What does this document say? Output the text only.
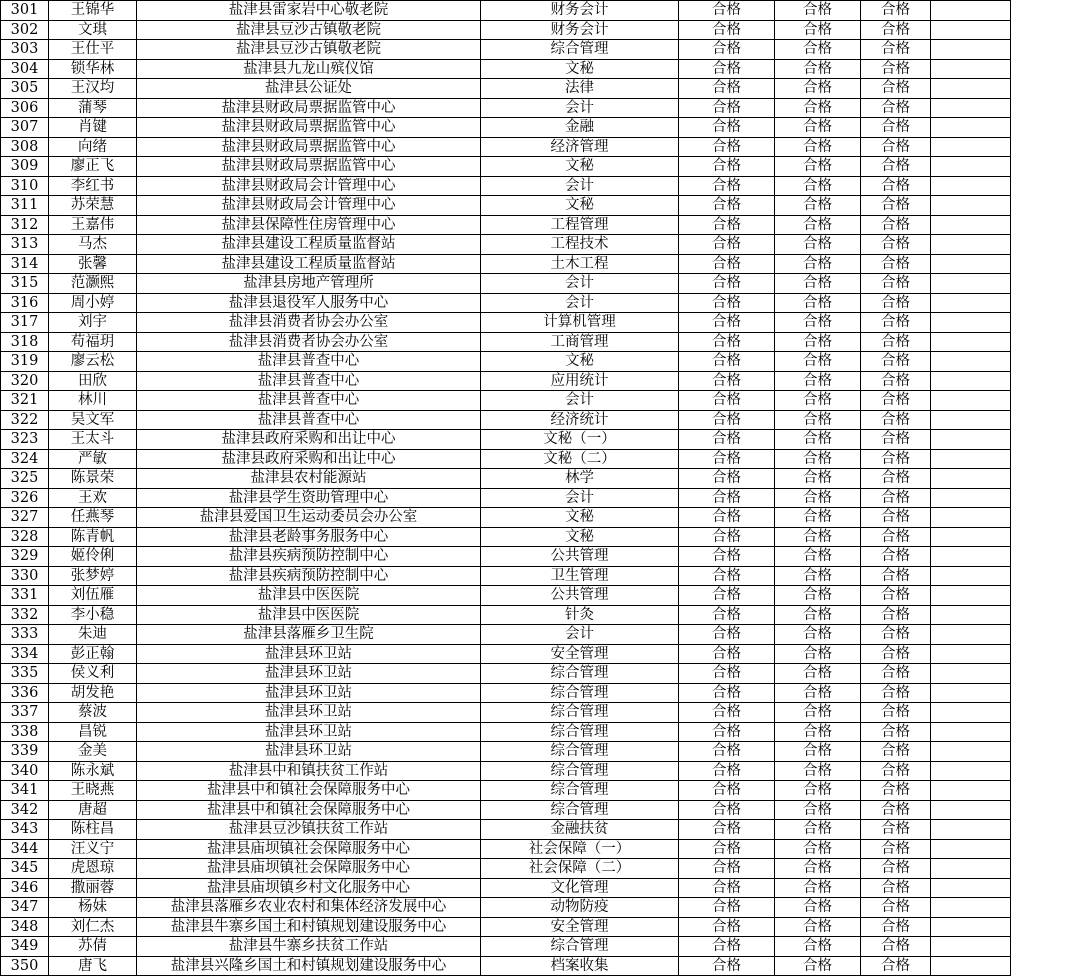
301	王锦华	盐津县雷家岩中心敬老院	财务会计	合格	合格	合格	
302	文琪	盐津县豆沙古镇敬老院	财务会计	合格	合格	合格	
303	王仕平	盐津县豆沙古镇敬老院	综合管理	合格	合格	合格	
304	锁华林	盐津县九龙山殡仪馆	文秘	合格	合格	合格	
305	王汉均	盐津县公证处	法律	合格	合格	合格	
306	蒲琴	盐津县财政局票据监管中心	会计	合格	合格	合格	
307	肖键	盐津县财政局票据监管中心	金融	合格	合格	合格	
308	向绪	盐津县财政局票据监管中心	经济管理	合格	合格	合格	
309	廖正飞	盐津县财政局票据监管中心	文秘	合格	合格	合格	
310	李红书	盐津县财政局会计管理中心	会计	合格	合格	合格	
311	苏荣慧	盐津县财政局会计管理中心	文秘	合格	合格	合格	
312	王嘉伟	盐津县保障性住房管理中心	工程管理	合格	合格	合格	
313	马杰	盐津县建设工程质量监督站	工程技术	合格	合格	合格	
314	张馨	盐津县建设工程质量监督站	土木工程	合格	合格	合格	
315	范灏熙	盐津县房地产管理所	会计	合格	合格	合格	
316	周小婷	盐津县退役军人服务中心	会计	合格	合格	合格	
317	刘宇	盐津县消费者协会办公室	计算机管理	合格	合格	合格	
318	苟福玥	盐津县消费者协会办公室	工商管理	合格	合格	合格	
319	廖云松	盐津县普查中心	文秘	合格	合格	合格	
320	田欣	盐津县普查中心	应用统计	合格	合格	合格	
321	林川	盐津县普查中心	会计	合格	合格	合格	
322	吴文军	盐津县普查中心	经济统计	合格	合格	合格	
323	王太斗	盐津县政府采购和出让中心	文秘（一）	合格	合格	合格	
324	严敏	盐津县政府采购和出让中心	文秘（二）	合格	合格	合格	
325	陈景荣	盐津县农村能源站	林学	合格	合格	合格	
326	王欢	盐津县学生资助管理中心	会计	合格	合格	合格	
327	任燕琴	盐津县爱国卫生运动委员会办公室	文秘	合格	合格	合格	
328	陈青帆	盐津县老龄事务服务中心	文秘	合格	合格	合格	
329	姬伶俐	盐津县疾病预防控制中心	公共管理	合格	合格	合格	
330	张梦婷	盐津县疾病预防控制中心	卫生管理	合格	合格	合格	
331	刘伍雁	盐津县中医医院	公共管理	合格	合格	合格	
332	李小稳	盐津县中医医院	针灸	合格	合格	合格	
333	朱迪	盐津县落雁乡卫生院	会计	合格	合格	合格	
334	彭正翰	盐津县环卫站	安全管理	合格	合格	合格	
335	侯义利	盐津县环卫站	综合管理	合格	合格	合格	
336	胡发艳	盐津县环卫站	综合管理	合格	合格	合格	
337	蔡波	盐津县环卫站	综合管理	合格	合格	合格	
338	昌锐	盐津县环卫站	综合管理	合格	合格	合格	
339	金美	盐津县环卫站	综合管理	合格	合格	合格	
340	陈永斌	盐津县中和镇扶贫工作站	综合管理	合格	合格	合格	
341	王晓燕	盐津县中和镇社会保障服务中心	综合管理	合格	合格	合格	
342	唐超	盐津县中和镇社会保障服务中心	综合管理	合格	合格	合格	
343	陈柱昌	盐津县豆沙镇扶贫工作站	金融扶贫	合格	合格	合格	
344	汪义宁	盐津县庙坝镇社会保障服务中心	社会保障（一）	合格	合格	合格	
345	虎恩琼	盐津县庙坝镇社会保障服务中心	社会保障（二）	合格	合格	合格	
346	撒丽蓉	盐津县庙坝镇乡村文化服务中心	文化管理	合格	合格	合格	
347	杨妹	盐津县落雁乡农业农村和集体经济发展中心	动物防疫	合格	合格	合格	
348	刘仁杰	盐津县牛寨乡国土和村镇规划建设服务中心	安全管理	合格	合格	合格	
349	苏倩	盐津县牛寨乡扶贫工作站	综合管理	合格	合格	合格	
350	唐飞	盐津县兴隆乡国土和村镇规划建设服务中心	档案收集	合格	合格	合格	
